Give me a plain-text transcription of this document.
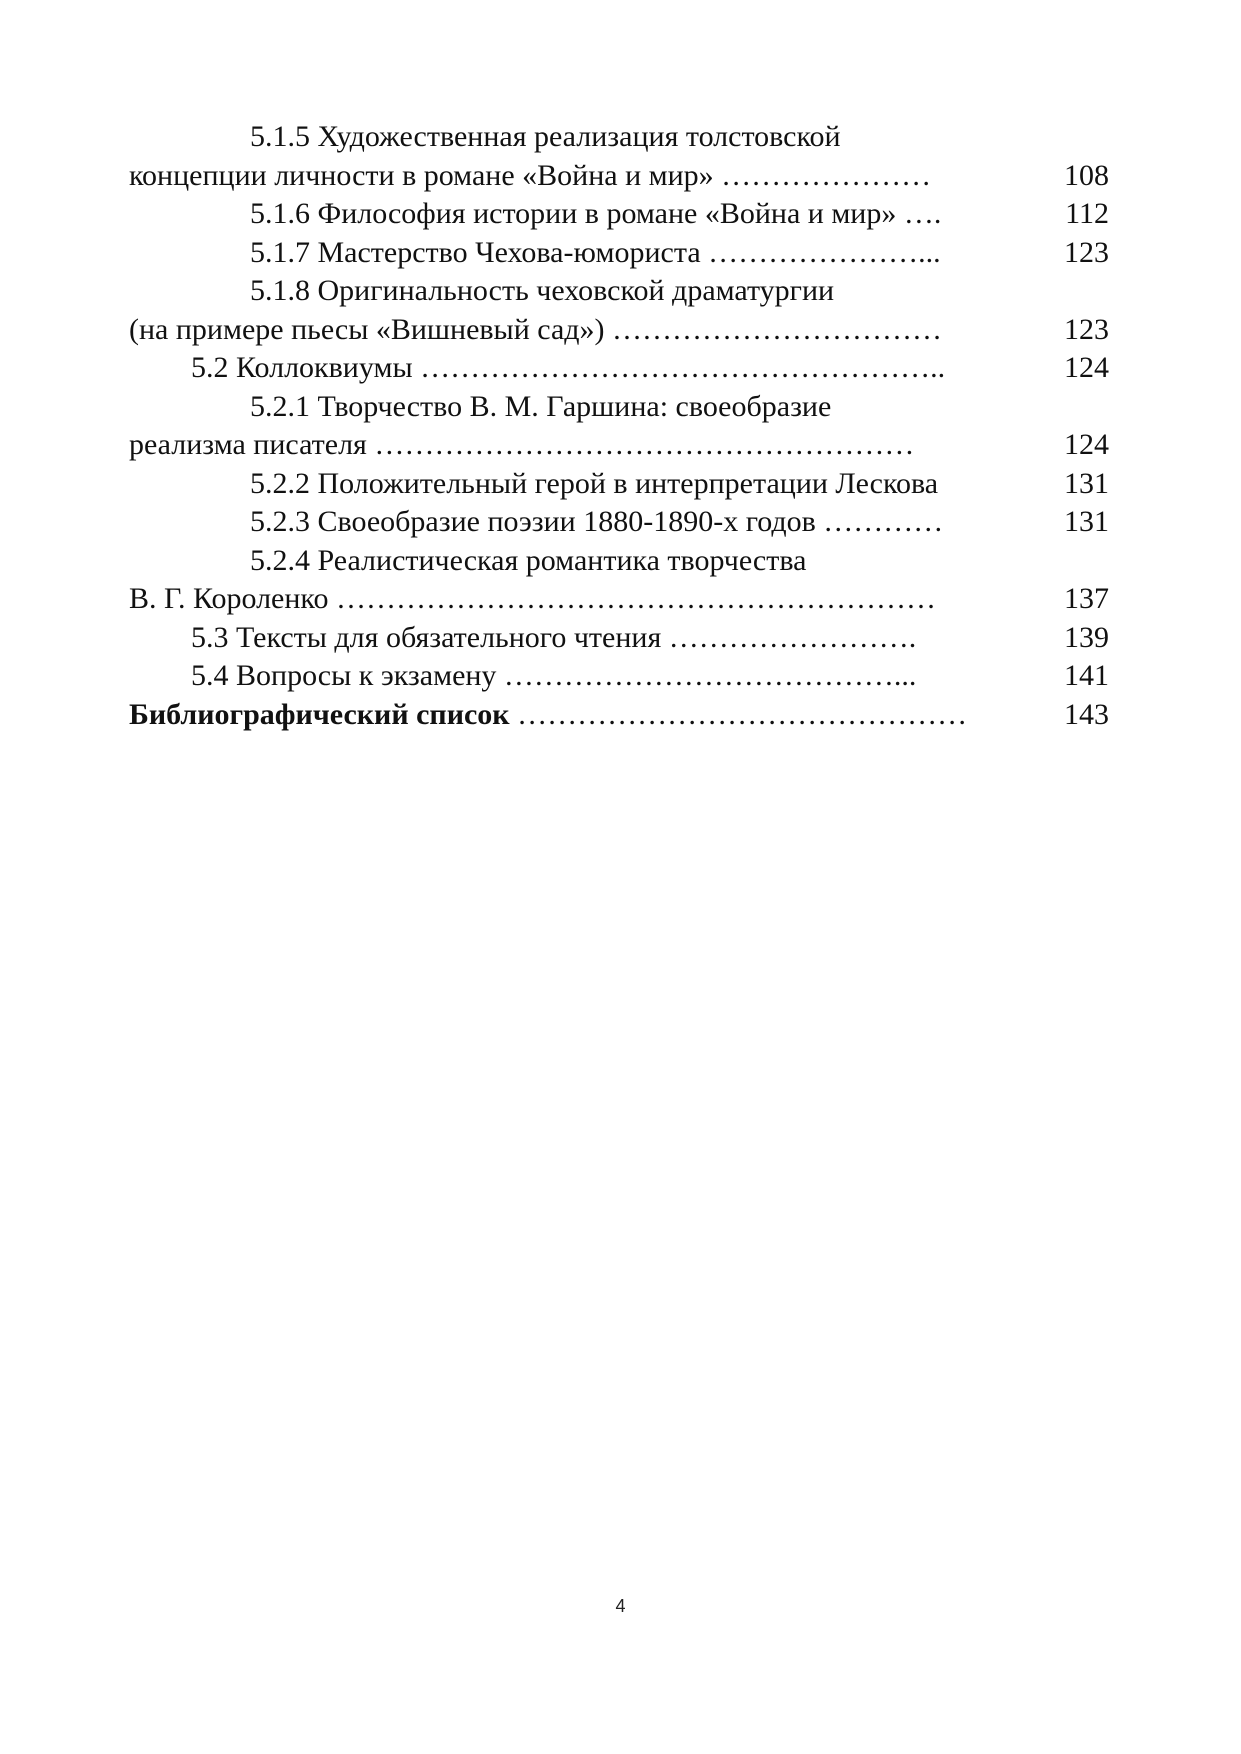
5.1.5 Художественная реализация толстовской
концепции личности в романе «Война и мир» …………………	108
5.1.6 Философия истории в романе «Война и мир» ….	112
5.1.7 Мастерство Чехова-юмориста …………………...	123
5.1.8 Оригинальность чеховской драматургии
(на примере пьесы «Вишневый сад») ……………………………	123
5.2 Коллоквиумы ……………………………………………..	124
5.2.1 Творчество В. М. Гаршина: своеобразие
реализма писателя ………………………………………………	124
5.2.2 Положительный герой в интерпретации Лескова	131
5.2.3 Своеобразие поэзии 1880-1890-х годов …………	131
5.2.4 Реалистическая романтика творчества
В. Г. Короленко ……………………………………………………	137
5.3 Тексты для обязательного чтения …………………….	139
5.4 Вопросы к экзамену …………………………………...	141
Библиографический список ………………………………………	143
4
